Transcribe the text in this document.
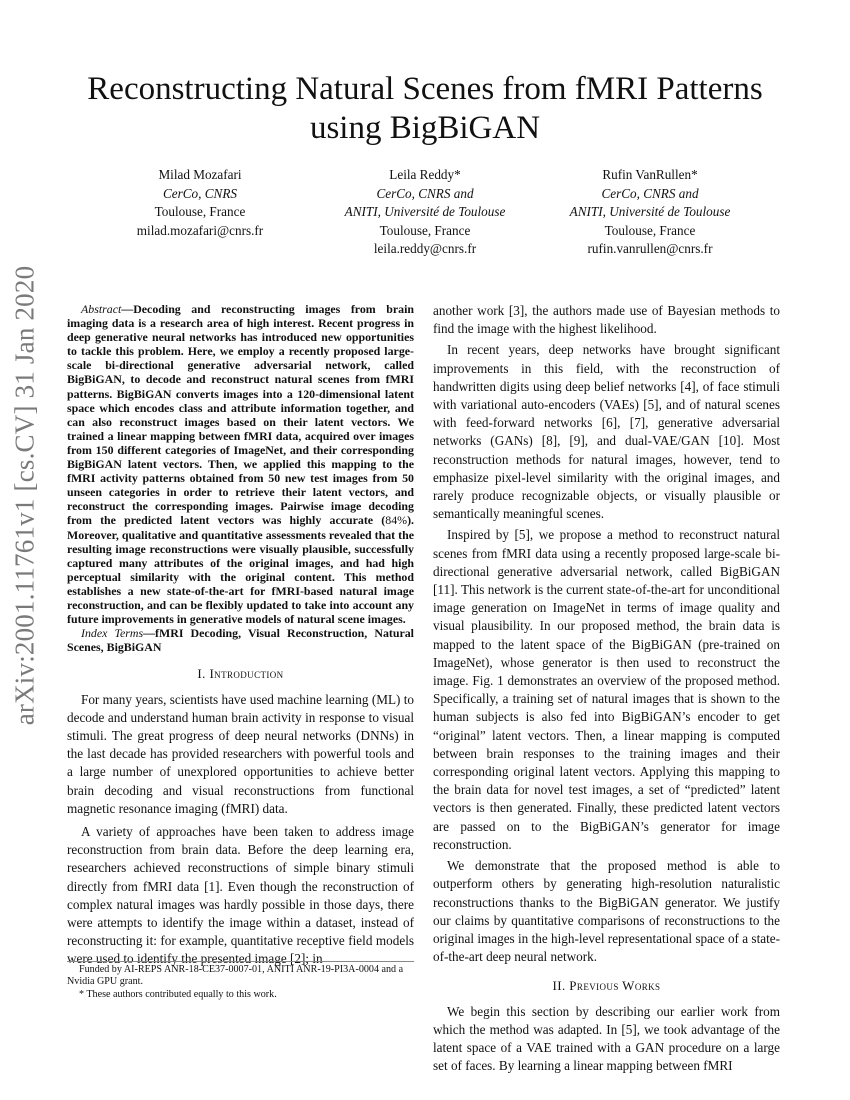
arXiv:2001.11761v1 [cs.CV] 31 Jan 2020
Reconstructing Natural Scenes from fMRI Patterns using BigBiGAN
Milad Mozafari
CerCo, CNRS
Toulouse, France
milad.mozafari@cnrs.fr
Leila Reddy*
CerCo, CNRS and
ANITI, Université de Toulouse
Toulouse, France
leila.reddy@cnrs.fr
Rufin VanRullen*
CerCo, CNRS and
ANITI, Université de Toulouse
Toulouse, France
rufin.vanrullen@cnrs.fr

Abstract—Decoding and reconstructing images from brain imaging data is a research area of high interest. Recent progress in deep generative neural networks has introduced new opportunities to tackle this problem. Here, we employ a recently proposed large-scale bi-directional generative adversarial network, called BigBiGAN, to decode and reconstruct natural scenes from fMRI patterns. BigBiGAN converts images into a 120-dimensional latent space which encodes class and attribute information together, and can also reconstruct images based on their latent vectors. We trained a linear mapping between fMRI data, acquired over images from 150 different categories of ImageNet, and their corresponding BigBiGAN latent vectors. Then, we applied this mapping to the fMRI activity patterns obtained from 50 new test images from 50 unseen categories in order to retrieve their latent vectors, and reconstruct the corresponding images. Pairwise image decoding from the predicted latent vectors was highly accurate (84%). Moreover, qualitative and quantitative assessments revealed that the resulting image reconstructions were visually plausible, successfully captured many attributes of the original images, and had high perceptual similarity with the original content. This method establishes a new state-of-the-art for fMRI-based natural image reconstruction, and can be flexibly updated to take into account any future improvements in generative models of natural scene images.

Index Terms—fMRI Decoding, Visual Reconstruction, Natural Scenes, BigBiGAN

I. Introduction

For many years, scientists have used machine learning (ML) to decode and understand human brain activity in response to visual stimuli. The great progress of deep neural networks (DNNs) in the last decade has provided researchers with powerful tools and a large number of unexplored opportunities to achieve better brain decoding and visual reconstructions from functional magnetic resonance imaging (fMRI) data.

A variety of approaches have been taken to address image reconstruction from brain data. Before the deep learning era, researchers achieved reconstructions of simple binary stimuli directly from fMRI data [1]. Even though the reconstruction of complex natural images was hardly possible in those days, there were attempts to identify the image within a dataset, instead of reconstructing it: for example, quantitative receptive field models were used to identify the presented image [2]; in

Funded by AI-REPS ANR-18-CE37-0007-01, ANITI ANR-19-PI3A-0004 and a Nvidia GPU grant.

* These authors contributed equally to this work.

another work [3], the authors made use of Bayesian methods to find the image with the highest likelihood.

In recent years, deep networks have brought significant improvements in this field, with the reconstruction of handwritten digits using deep belief networks [4], of face stimuli with variational auto-encoders (VAEs) [5], and of natural scenes with feed-forward networks [6], [7], generative adversarial networks (GANs) [8], [9], and dual-VAE/GAN [10]. Most reconstruction methods for natural images, however, tend to emphasize pixel-level similarity with the original images, and rarely produce recognizable objects, or visually plausible or semantically meaningful scenes.

Inspired by [5], we propose a method to reconstruct natural scenes from fMRI data using a recently proposed large-scale bi-directional generative adversarial network, called BigBiGAN [11]. This network is the current state-of-the-art for unconditional image generation on ImageNet in terms of image quality and visual plausibility. In our proposed method, the brain data is mapped to the latent space of the BigBiGAN (pre-trained on ImageNet), whose generator is then used to reconstruct the image. Fig. 1 demonstrates an overview of the proposed method. Specifically, a training set of natural images that is shown to the human subjects is also fed into BigBiGAN’s encoder to get “original” latent vectors. Then, a linear mapping is computed between brain responses to the training images and their corresponding original latent vectors. Applying this mapping to the brain data for novel test images, a set of “predicted” latent vectors is then generated. Finally, these predicted latent vectors are passed on to the BigBiGAN’s generator for image reconstruction.

We demonstrate that the proposed method is able to outperform others by generating high-resolution naturalistic reconstructions thanks to the BigBiGAN generator. We justify our claims by quantitative comparisons of reconstructions to the original images in the high-level representational space of a state-of-the-art deep neural network.

II. Previous Works

We begin this section by describing our earlier work from which the method was adapted. In [5], we took advantage of the latent space of a VAE trained with a GAN procedure on a large set of faces. By learning a linear mapping between fMRI
